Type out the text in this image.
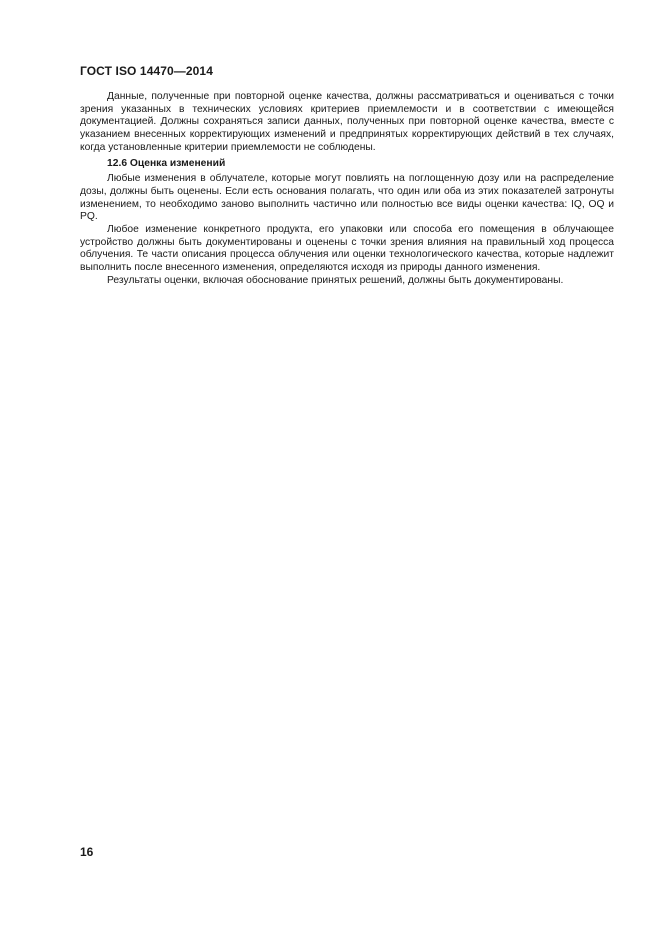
ГОСТ ISO 14470—2014

Данные, полученные при повторной оценке качества, должны рассматриваться и оцениваться с точки зрения указанных в технических условиях критериев приемлемости и в соответствии с имеющейся документацией. Должны сохраняться записи данных, полученных при повторной оценке качества, вместе с указанием внесенных корректирующих изменений и предпринятых корректирующих действий в тех случаях, когда установленные критерии приемлемости не соблюдены.

12.6 Оценка изменений

Любые изменения в облучателе, которые могут повлиять на поглощенную дозу или на распределение дозы, должны быть оценены. Если есть основания полагать, что один или оба из этих показателей затронуты изменением, то необходимо заново выполнить частично или полностью все виды оценки качества: IQ, OQ и PQ.

Любое изменение конкретного продукта, его упаковки или способа его помещения в облучающее устройство должны быть документированы и оценены с точки зрения влияния на правильный ход процесса облучения. Те части описания процесса облучения или оценки технологического качества, которые надлежит выполнить после внесенного изменения, определяются исходя из природы данного изменения.

Результаты оценки, включая обоснование принятых решений, должны быть документированы.

16
